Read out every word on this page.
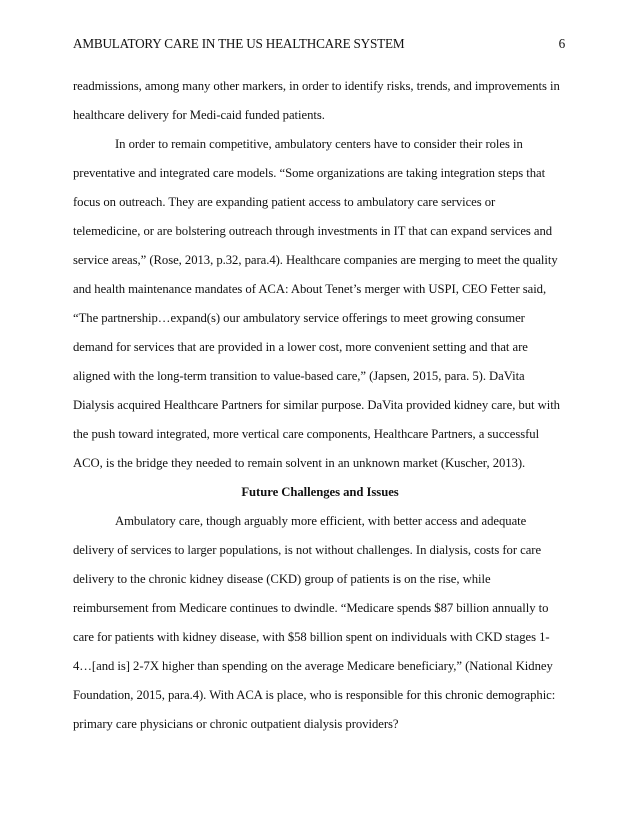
AMBULATORY CARE IN THE US HEALTHCARE SYSTEM	6
readmissions, among many other markers, in order to identify risks, trends, and improvements in
healthcare delivery for Medi-caid funded patients.
In order to remain competitive, ambulatory centers have to consider their roles in
preventative and integrated care models. “Some organizations are taking integration steps that
focus on outreach. They are expanding patient access to ambulatory care services or
telemedicine, or are bolstering outreach through investments in IT that can expand services and
service areas,” (Rose, 2013, p.32, para.4). Healthcare companies are merging to meet the quality
and health maintenance mandates of ACA: About Tenet’s merger with USPI, CEO Fetter said,
“The partnership…expand(s) our ambulatory service offerings to meet growing consumer
demand for services that are provided in a lower cost, more convenient setting and that are
aligned with the long-term transition to value-based care,” (Japsen, 2015, para. 5). DaVita
Dialysis acquired Healthcare Partners for similar purpose. DaVita provided kidney care, but with
the push toward integrated, more vertical care components, Healthcare Partners, a successful
ACO, is the bridge they needed to remain solvent in an unknown market (Kuscher, 2013).
Future Challenges and Issues
Ambulatory care, though arguably more efficient, with better access and adequate
delivery of services to larger populations, is not without challenges. In dialysis, costs for care
delivery to the chronic kidney disease (CKD) group of patients is on the rise, while
reimbursement from Medicare continues to dwindle. “Medicare spends $87 billion annually to
care for patients with kidney disease, with $58 billion spent on individuals with CKD stages 1-
4…[and is] 2-7X higher than spending on the average Medicare beneficiary,” (National Kidney
Foundation, 2015, para.4). With ACA is place, who is responsible for this chronic demographic:
primary care physicians or chronic outpatient dialysis providers?
